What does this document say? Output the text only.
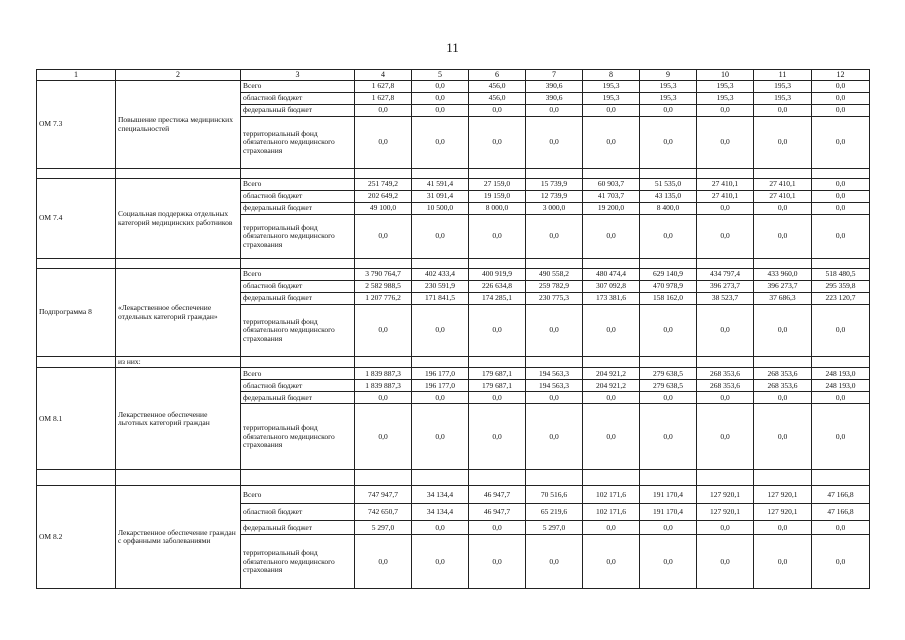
11
1	2	3	4	5	6	7	8	9	10	11	12
ОМ 7.3	Повышение престижа медицинских специальностей	Всего	1 627,8	0,0	456,0	390,6	195,3	195,3	195,3	195,3	0,0
		областной бюджет	1 627,8	0,0	456,0	390,6	195,3	195,3	195,3	195,3	0,0
		федеральный бюджет	0,0	0,0	0,0	0,0	0,0	0,0	0,0	0,0	0,0
		территориальный фонд обязательного медицинского страхования	0,0	0,0	0,0	0,0	0,0	0,0	0,0	0,0	0,0

ОМ 7.4	Социальная поддержка отдельных категорий медицинских работников	Всего	251 749,2	41 591,4	27 159,0	15 739,9	60 903,7	51 535,0	27 410,1	27 410,1	0,0
		областной бюджет	202 649,2	31 091,4	19 159,0	12 739,9	41 703,7	43 135,0	27 410,1	27 410,1	0,0
		федеральный бюджет	49 100,0	10 500,0	8 000,0	3 000,0	19 200,0	8 400,0	0,0	0,0	0,0
		территориальный фонд обязательного медицинского страхования	0,0	0,0	0,0	0,0	0,0	0,0	0,0	0,0	0,0

Подпрограмма 8	«Лекарственное обеспечение отдельных категорий граждан»	Всего	3 790 764,7	402 433,4	400 919,9	490 558,2	480 474,4	629 140,9	434 797,4	433 960,0	518 480,5
		областной бюджет	2 582 988,5	230 591,9	226 634,8	259 782,9	307 092,8	470 978,9	396 273,7	396 273,7	295 359,8
		федеральный бюджет	1 207 776,2	171 841,5	174 285,1	230 775,3	173 381,6	158 162,0	38 523,7	37 686,3	223 120,7
		территориальный фонд обязательного медицинского страхования	0,0	0,0	0,0	0,0	0,0	0,0	0,0	0,0	0,0
	из них:										
ОМ 8.1	Лекарственное обеспечение льготных категорий граждан	Всего	1 839 887,3	196 177,0	179 687,1	194 563,3	204 921,2	279 638,5	268 353,6	268 353,6	248 193,0
		областной бюджет	1 839 887,3	196 177,0	179 687,1	194 563,3	204 921,2	279 638,5	268 353,6	268 353,6	248 193,0
		федеральный бюджет	0,0	0,0	0,0	0,0	0,0	0,0	0,0	0,0	0,0
		территориальный фонд обязательного медицинского страхования	0,0	0,0	0,0	0,0	0,0	0,0	0,0	0,0	0,0

ОМ 8.2	Лекарственное обеспечение граждан с орфанными заболеваниями	Всего	747 947,7	34 134,4	46 947,7	70 516,6	102 171,6	191 170,4	127 920,1	127 920,1	47 166,8
		областной бюджет	742 650,7	34 134,4	46 947,7	65 219,6	102 171,6	191 170,4	127 920,1	127 920,1	47 166,8
		федеральный бюджет	5 297,0	0,0	0,0	5 297,0	0,0	0,0	0,0	0,0	0,0
		территориальный фонд обязательного медицинского страхования	0,0	0,0	0,0	0,0	0,0	0,0	0,0	0,0	0,0
